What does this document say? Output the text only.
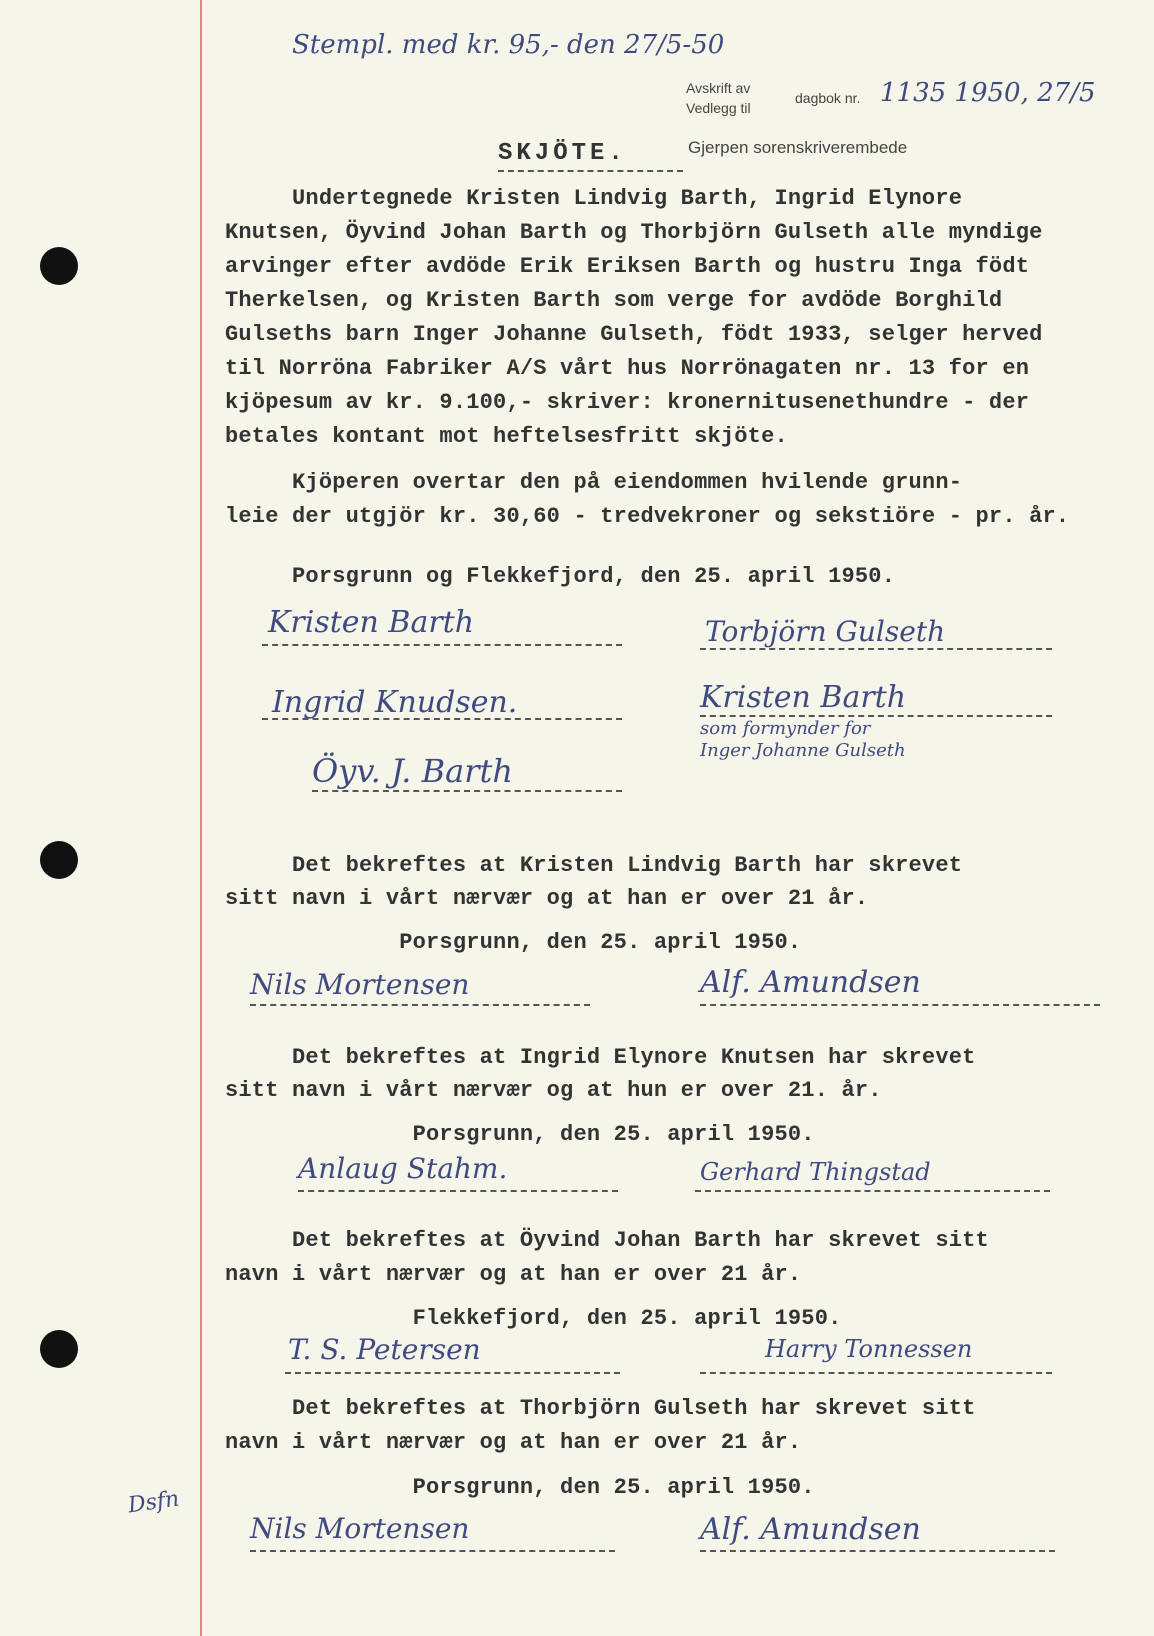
Stempl. med kr. 95,- den 27/5-50
Avskrift av
Vedlegg til
dagbok nr. 1135 1950, 27/5
Gjerpen sorenskriverembede
SKJÖTE.
Undertegnede Kristen Lindvig Barth, Ingrid Elynore
Knutsen, Öyvind Johan Barth og Thorbjörn Gulseth alle myndige
arvinger efter avdöde Erik Eriksen Barth og hustru Inga födt
Therkelsen, og Kristen Barth som verge for avdöde Borghild
Gulseths barn Inger Johanne Gulseth, födt 1933, selger herved
til Norröna Fabriker A/S vårt hus Norrönagaten nr. 13 for en
kjöpesum av kr. 9.100,- skriver: kronernitusenethundre - der
betales kontant mot heftelsesfritt skjöte.
Kjöperen overtar den på eiendommen hvilende grunn-
leie der utgjör kr. 30,60 - tredvekroner og sekstiöre - pr. år.
Porsgrunn og Flekkefjord, den 25. april 1950.
Kristen Barth	Torbjörn Gulseth
Ingrid Knudsen.	Kristen Barth
som formynder for
Inger Johanne Gulseth
Öyv. J. Barth
Det bekreftes at Kristen Lindvig Barth har skrevet
sitt navn i vårt nærvær og at han er over 21 år.
Porsgrunn, den 25. april 1950.
Nils Mortensen	Alf. Amundsen
Det bekreftes at Ingrid Elynore Knutsen har skrevet
sitt navn i vårt nærvær og at hun er over 21. år.
Porsgrunn, den 25. april 1950.
Anlaug Stahm.	Gerhard Thingstad
Det bekreftes at Öyvind Johan Barth har skrevet sitt
navn i vårt nærvær og at han er over 21 år.
Flekkefjord, den 25. april 1950.
T. S. Petersen	Harry Tonnessen
Det bekreftes at Thorbjörn Gulseth har skrevet sitt
navn i vårt nærvær og at han er over 21 år.
Porsgrunn, den 25. april 1950.
Nils Mortensen	Alf. Amundsen
Dsfn
